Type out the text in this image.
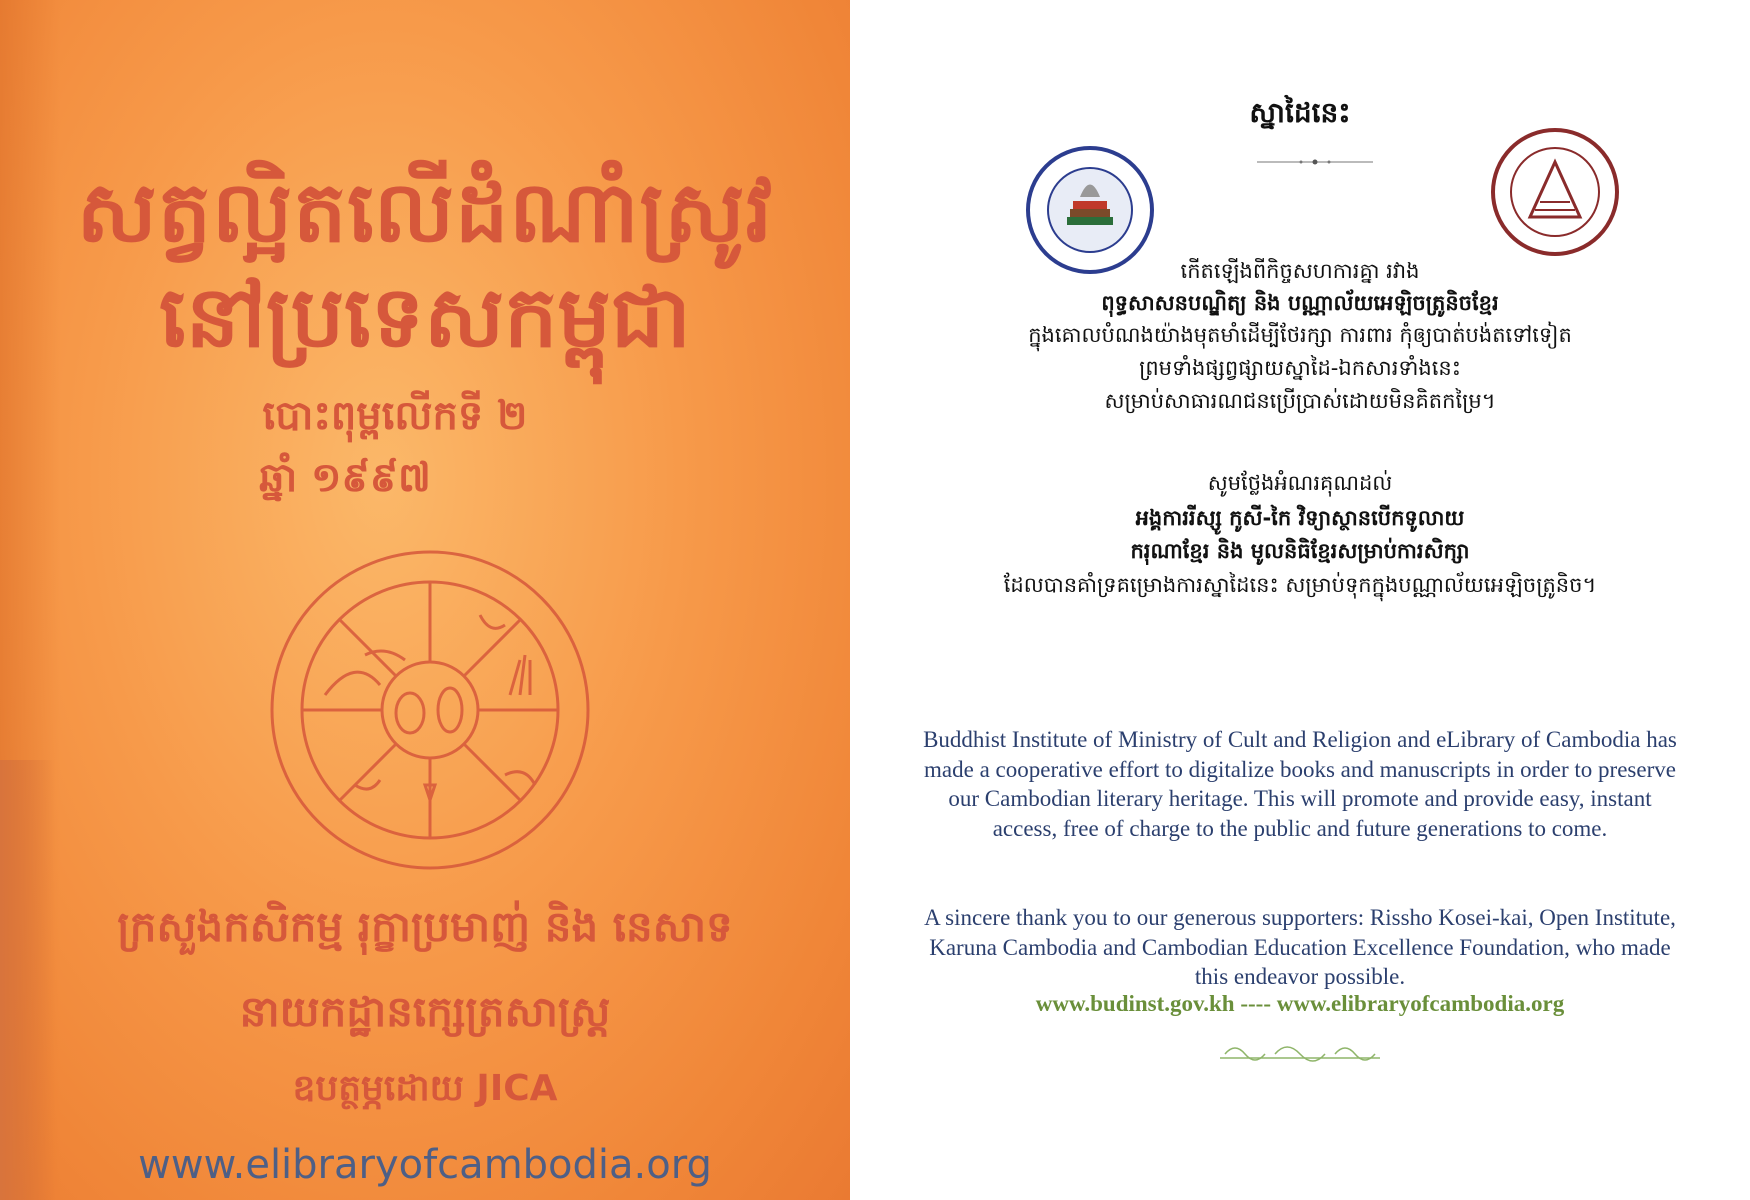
សត្វល្អិតលើដំណាំស្រូវ
នៅប្រទេសកម្ពុជា
បោះពុម្ពលើកទី ២
ឆ្នាំ ១៩៩៧
ក្រសួងកសិកម្ម រុក្ខាប្រមាញ់ និង នេសាទ
នាយកដ្ឋានក្សេត្រសាស្ត្រ
ឧបត្ថម្ភដោយ JICA
www.elibraryofcambodia.org
ស្នាដៃនេះ
កើតឡើងពីកិច្ចសហការគ្នា រវាង
ពុទ្ធសាសនបណ្ឌិត្យ និង បណ្ណាល័យអេឡិចត្រូនិចខ្មែរ
ក្នុងគោលបំណងយ៉ាងមុតមាំដើម្បីថែរក្សា ការពារ កុំឲ្យបាត់បង់តទៅទៀត
ព្រមទាំងផ្សព្វផ្សាយស្នាដៃ-ឯកសារទាំងនេះ
សម្រាប់សាធារណជនប្រើប្រាស់ដោយមិនគិតកម្រៃ។
សូមថ្លែងអំណរគុណដល់
អង្គការរីស្សូ កូសី-កៃ វិទ្យាស្ថានបើកទូលាយ
ករុណាខ្មែរ និង មូលនិធិខ្មែរសម្រាប់ការសិក្សា
ដែលបានគាំទ្រគម្រោងការស្នាដៃនេះ សម្រាប់ទុកក្នុងបណ្ណាល័យអេឡិចត្រូនិច។
Buddhist Institute of Ministry of Cult and Religion and eLibrary of Cambodia has made a cooperative effort to digitalize books and manuscripts in order to preserve our Cambodian literary heritage. This will promote and provide easy, instant access, free of charge to the public and future generations to come.
A sincere thank you to our generous supporters: Rissho Kosei-kai, Open Institute, Karuna Cambodia and Cambodian Education Excellence Foundation, who made this endeavor possible.
www.budinst.gov.kh ---- www.elibraryofcambodia.org
